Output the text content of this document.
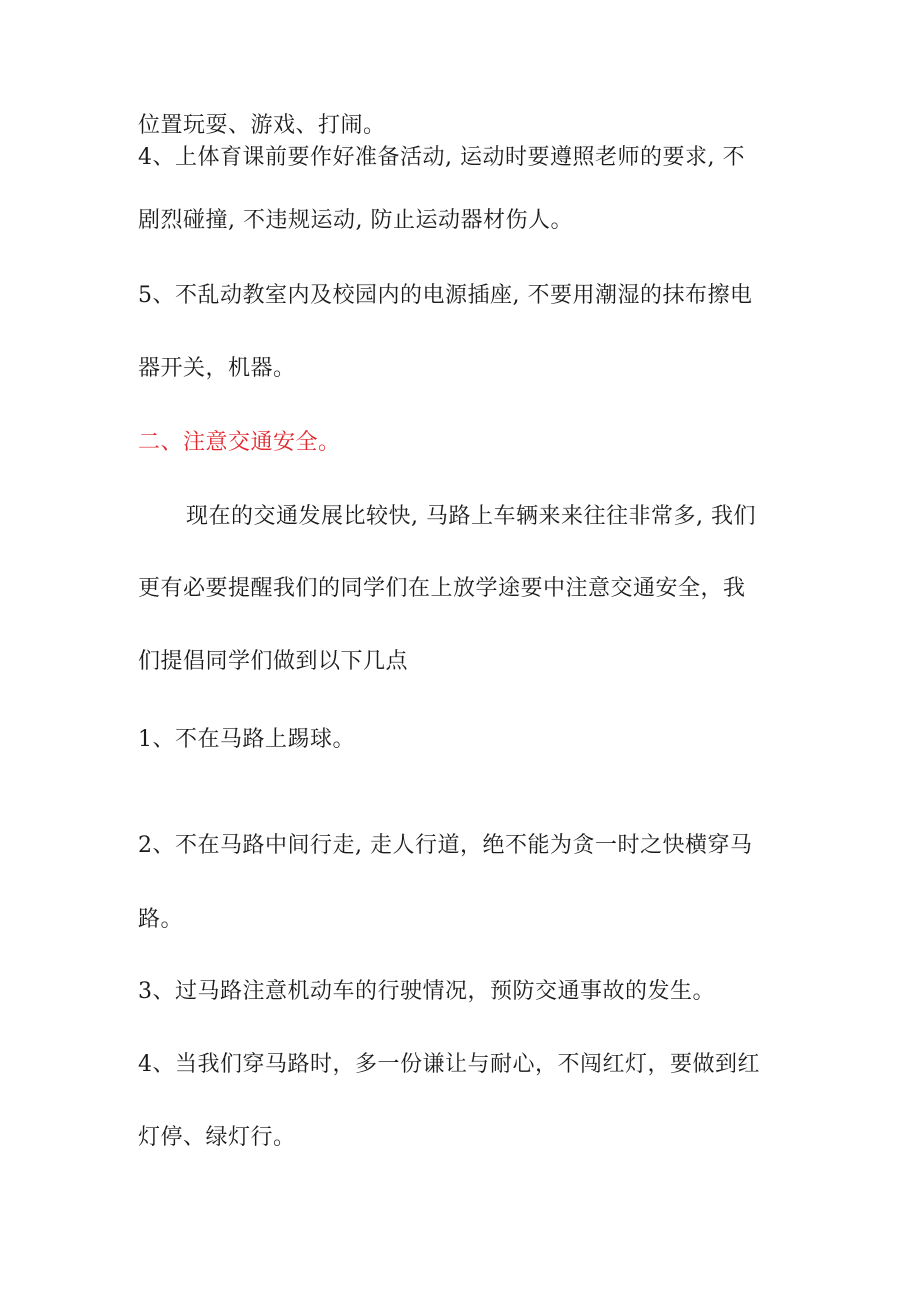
位置玩耍、游戏、打闹。
4、上体育课前要作好准备活动, 运动时要遵照老师的要求, 不
剧烈碰撞, 不违规运动, 防止运动器材伤人。
5、不乱动教室内及校园内的电源插座, 不要用潮湿的抹布擦电
器开关，机器。
二、注意交通安全。
现在的交通发展比较快, 马路上车辆来来往往非常多, 我们
更有必要提醒我们的同学们在上放学途要中注意交通安全，我
们提倡同学们做到以下几点
1、不在马路上踢球。
2、不在马路中间行走, 走人行道，绝不能为贪一时之快横穿马
路。
3、过马路注意机动车的行驶情况，预防交通事故的发生。
4、当我们穿马路时，多一份谦让与耐心，不闯红灯，要做到红
灯停、绿灯行。
